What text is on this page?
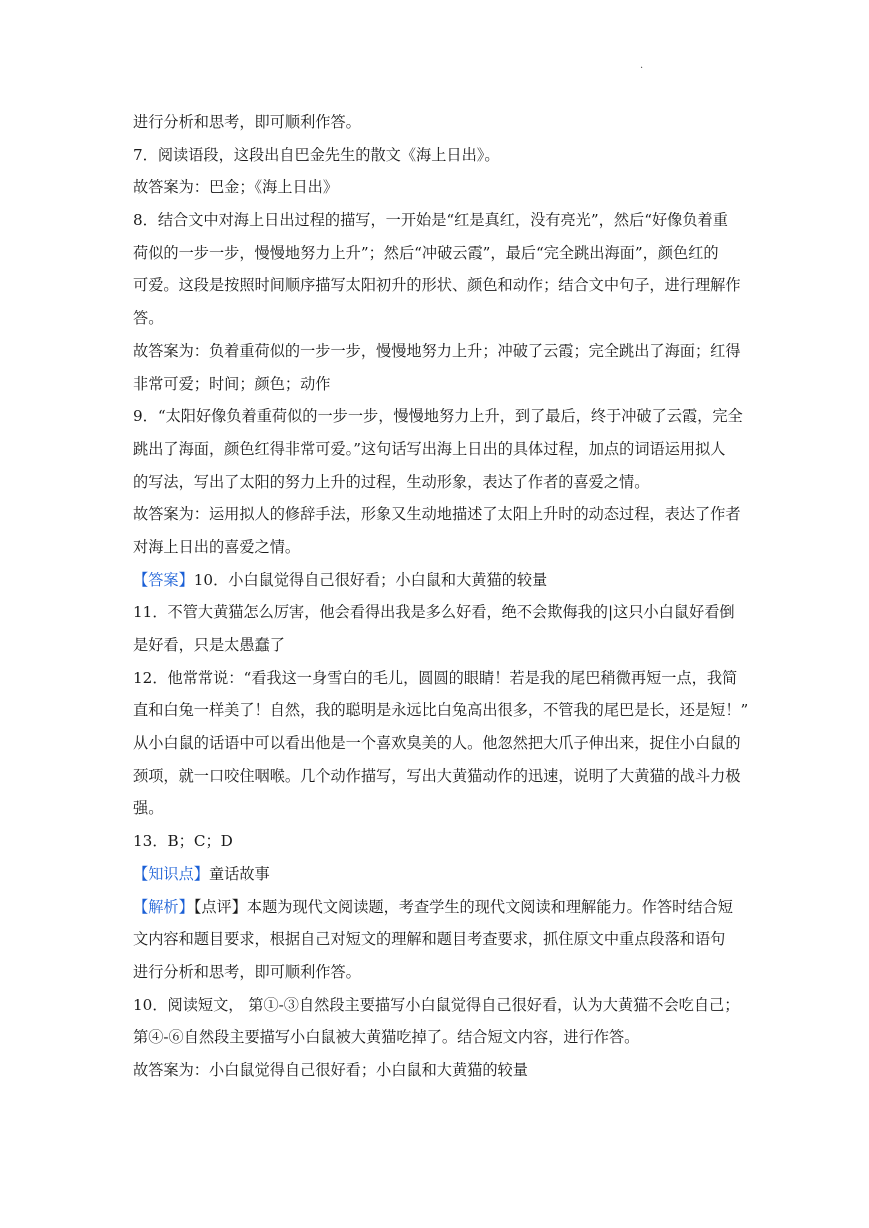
·
进行分析和思考，即可顺利作答。
7．阅读语段，这段出自巴金先生的散文《海上日出》。
故答案为：巴金；《海上日出》
8．结合文中对海上日出过程的描写，一开始是“红是真红，没有亮光”，然后“好像负着重
荷似的一步一步，慢慢地努力上升”；然后“冲破云霞”，最后“完全跳出海面”，颜色红的
可爱。这段是按照时间顺序描写太阳初升的形状、颜色和动作；结合文中句子，进行理解作
答。
故答案为：负着重荷似的一步一步，慢慢地努力上升；冲破了云霞；完全跳出了海面；红得
非常可爱；时间；颜色；动作
9．“太阳好像负着重荷似的一步一步，慢慢地努力上升，到了最后，终于冲破了云霞，完全
跳出了海面，颜色红得非常可爱。”这句话写出海上日出的具体过程，加点的词语运用拟人
的写法，写出了太阳的努力上升的过程，生动形象，表达了作者的喜爱之情。
故答案为：运用拟人的修辞手法，形象又生动地描述了太阳上升时的动态过程，表达了作者
对海上日出的喜爱之情。
【答案】10．小白鼠觉得自己很好看；小白鼠和大黄猫的较量
11．不管大黄猫怎么厉害，他会看得出我是多么好看，绝不会欺侮我的|这只小白鼠好看倒
是好看，只是太愚蠢了
12．他常常说：“看我这一身雪白的毛儿，圆圆的眼睛！若是我的尾巴稍微再短一点，我简
直和白兔一样美了！自然，我的聪明是永远比白兔高出很多，不管我的尾巴是长，还是短！”
从小白鼠的话语中可以看出他是一个喜欢臭美的人。他忽然把大爪子伸出来，捉住小白鼠的
颈项，就一口咬住咽喉。几个动作描写，写出大黄猫动作的迅速，说明了大黄猫的战斗力极
强。
13．B；C；D
【知识点】童话故事
【解析】【点评】本题为现代文阅读题，考查学生的现代文阅读和理解能力。作答时结合短
文内容和题目要求，根据自己对短文的理解和题目考查要求，抓住原文中重点段落和语句
进行分析和思考，即可顺利作答。
10．阅读短文， 第①-③自然段主要描写小白鼠觉得自己很好看，认为大黄猫不会吃自己；
第④-⑥自然段主要描写小白鼠被大黄猫吃掉了。结合短文内容，进行作答。
故答案为：小白鼠觉得自己很好看；小白鼠和大黄猫的较量
